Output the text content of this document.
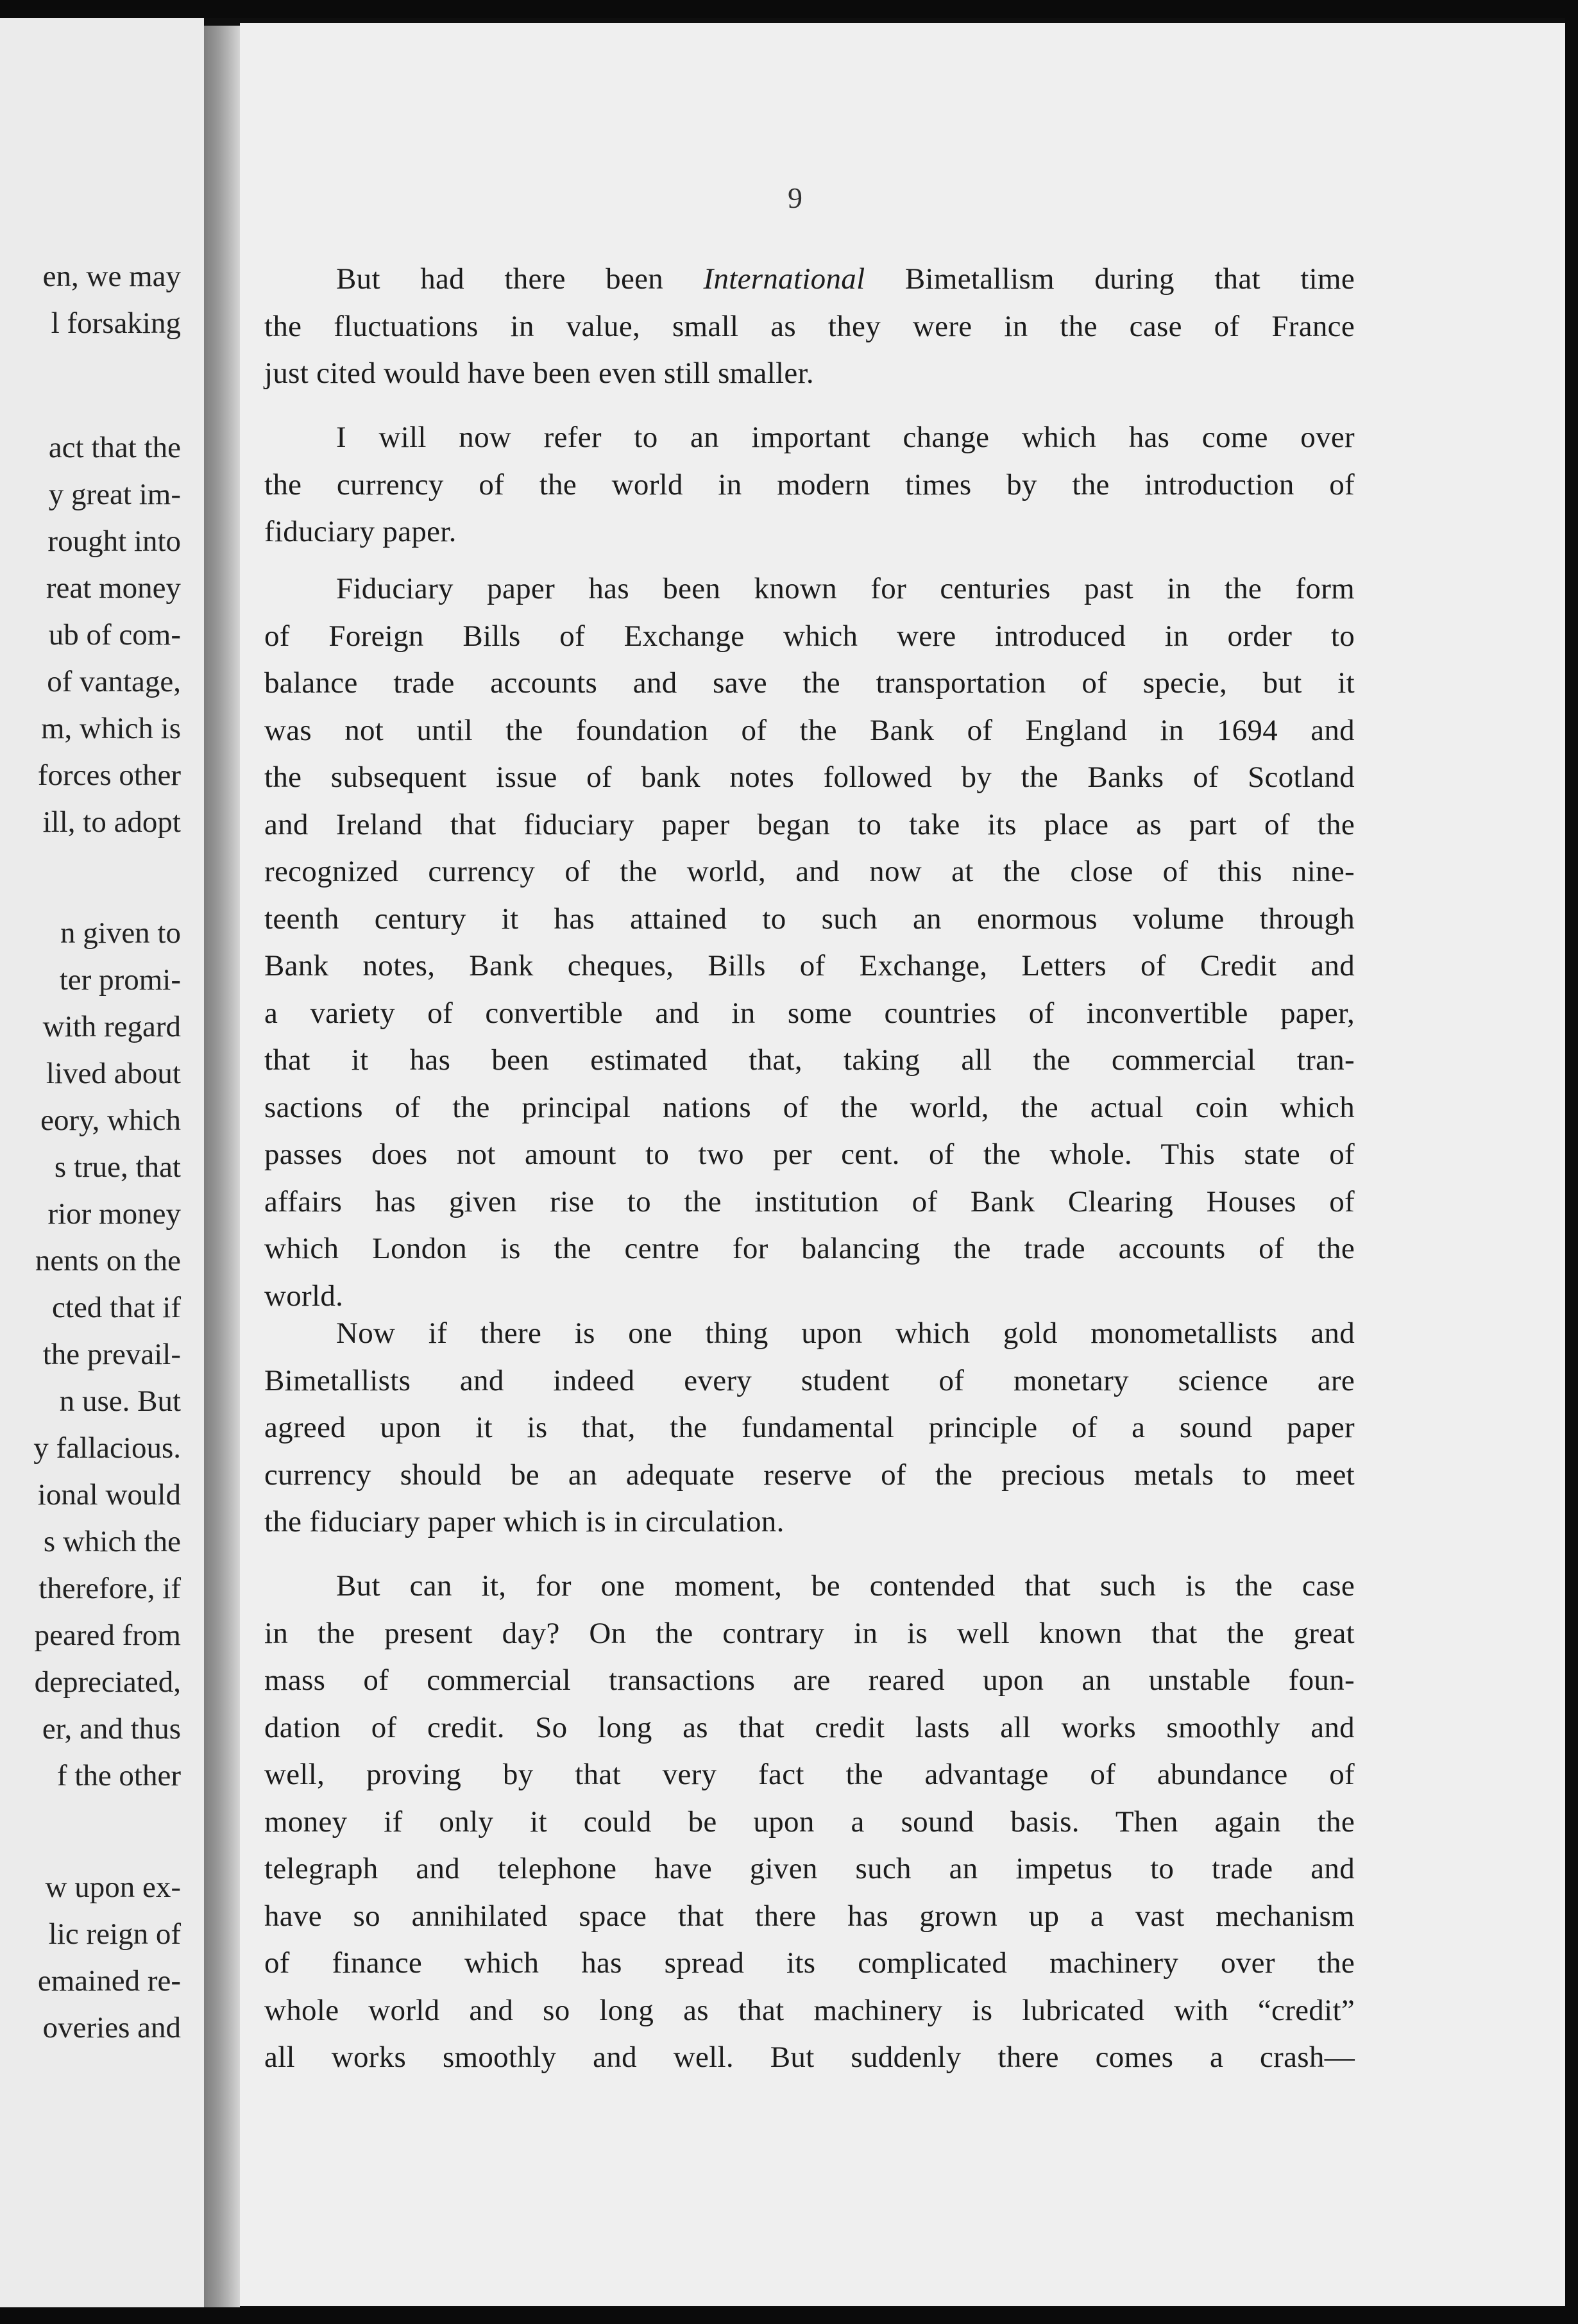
en, we may
l forsaking
act that the
y great im-
rought into
reat money
ub of com-
of vantage,
m, which is
forces other
ill, to adopt
n given to
ter promi-
with regard
lived about
eory, which
s true, that
rior money
nents on the
cted that if
the prevail-
n use. But
y fallacious.
ional would
s which the
therefore, if
peared from
depreciated,
er, and thus
f the other
w upon ex-
lic reign of
emained re-
overies and
9
But had there been International Bimetallism during that time
the fluctuations in value, small as they were in the case of France
just cited would have been even still smaller.
I will now refer to an important change which has come over
the currency of the world in modern times by the introduction of
fiduciary paper.
Fiduciary paper has been known for centuries past in the form
of Foreign Bills of Exchange which were introduced in order to
balance trade accounts and save the transportation of specie, but it
was not until the foundation of the Bank of England in 1694 and
the subsequent issue of bank notes followed by the Banks of Scotland
and Ireland that fiduciary paper began to take its place as part of the
recognized currency of the world, and now at the close of this nine-
teenth century it has attained to such an enormous volume through
Bank notes, Bank cheques, Bills of Exchange, Letters of Credit and
a variety of convertible and in some countries of inconvertible paper,
that it has been estimated that, taking all the commercial tran-
sactions of the principal nations of the world, the actual coin which
passes does not amount to two per cent. of the whole. This state of
affairs has given rise to the institution of Bank Clearing Houses of
which London is the centre for balancing the trade accounts of the
world.
Now if there is one thing upon which gold monometallists and
Bimetallists and indeed every student of monetary science are
agreed upon it is that, the fundamental principle of a sound paper
currency should be an adequate reserve of the precious metals to meet
the fiduciary paper which is in circulation.
But can it, for one moment, be contended that such is the case
in the present day? On the contrary in is well known that the great
mass of commercial transactions are reared upon an unstable foun-
dation of credit. So long as that credit lasts all works smoothly and
well, proving by that very fact the advantage of abundance of
money if only it could be upon a sound basis. Then again the
telegraph and telephone have given such an impetus to trade and
have so annihilated space that there has grown up a vast mechanism
of finance which has spread its complicated machinery over the
whole world and so long as that machinery is lubricated with “credit”
all works smoothly and well. But suddenly there comes a crash—
